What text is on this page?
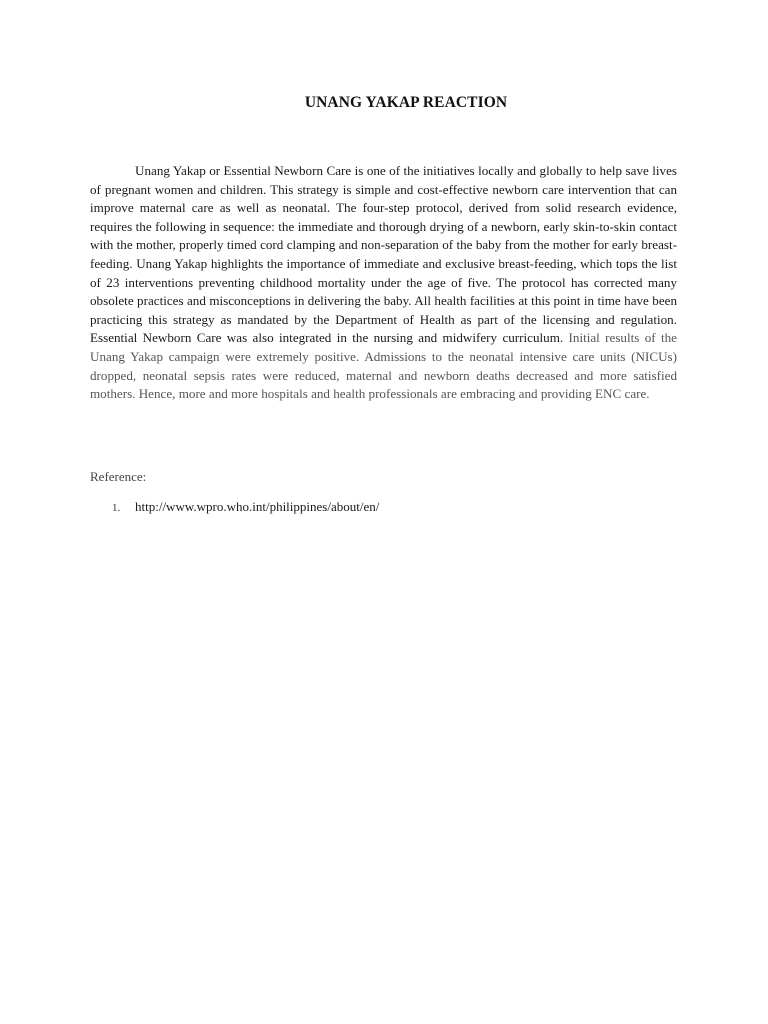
UNANG YAKAP REACTION

Unang Yakap or Essential Newborn Care is one of the initiatives locally and globally to help save lives of pregnant women and children. This strategy is simple and cost-effective newborn care intervention that can improve maternal care as well as neonatal. The four-step protocol, derived from solid research evidence, requires the following in sequence: the immediate and thorough drying of a newborn, early skin-to-skin contact with the mother, properly timed cord clamping and non-separation of the baby from the mother for early breast-feeding. Unang Yakap highlights the importance of immediate and exclusive breast-feeding, which tops the list of 23 interventions preventing childhood mortality under the age of five. The protocol has corrected many obsolete practices and misconceptions in delivering the baby. All health facilities at this point in time have been practicing this strategy as mandated by the Department of Health as part of the licensing and regulation. Essential Newborn Care was also integrated in the nursing and midwifery curriculum. Initial results of the Unang Yakap campaign were extremely positive. Admissions to the neonatal intensive care units (NICUs) dropped, neonatal sepsis rates were reduced, maternal and newborn deaths decreased and more satisfied mothers. Hence, more and more hospitals and health professionals are embracing and providing ENC care.

Reference:

1.	http://www.wpro.who.int/philippines/about/en/
